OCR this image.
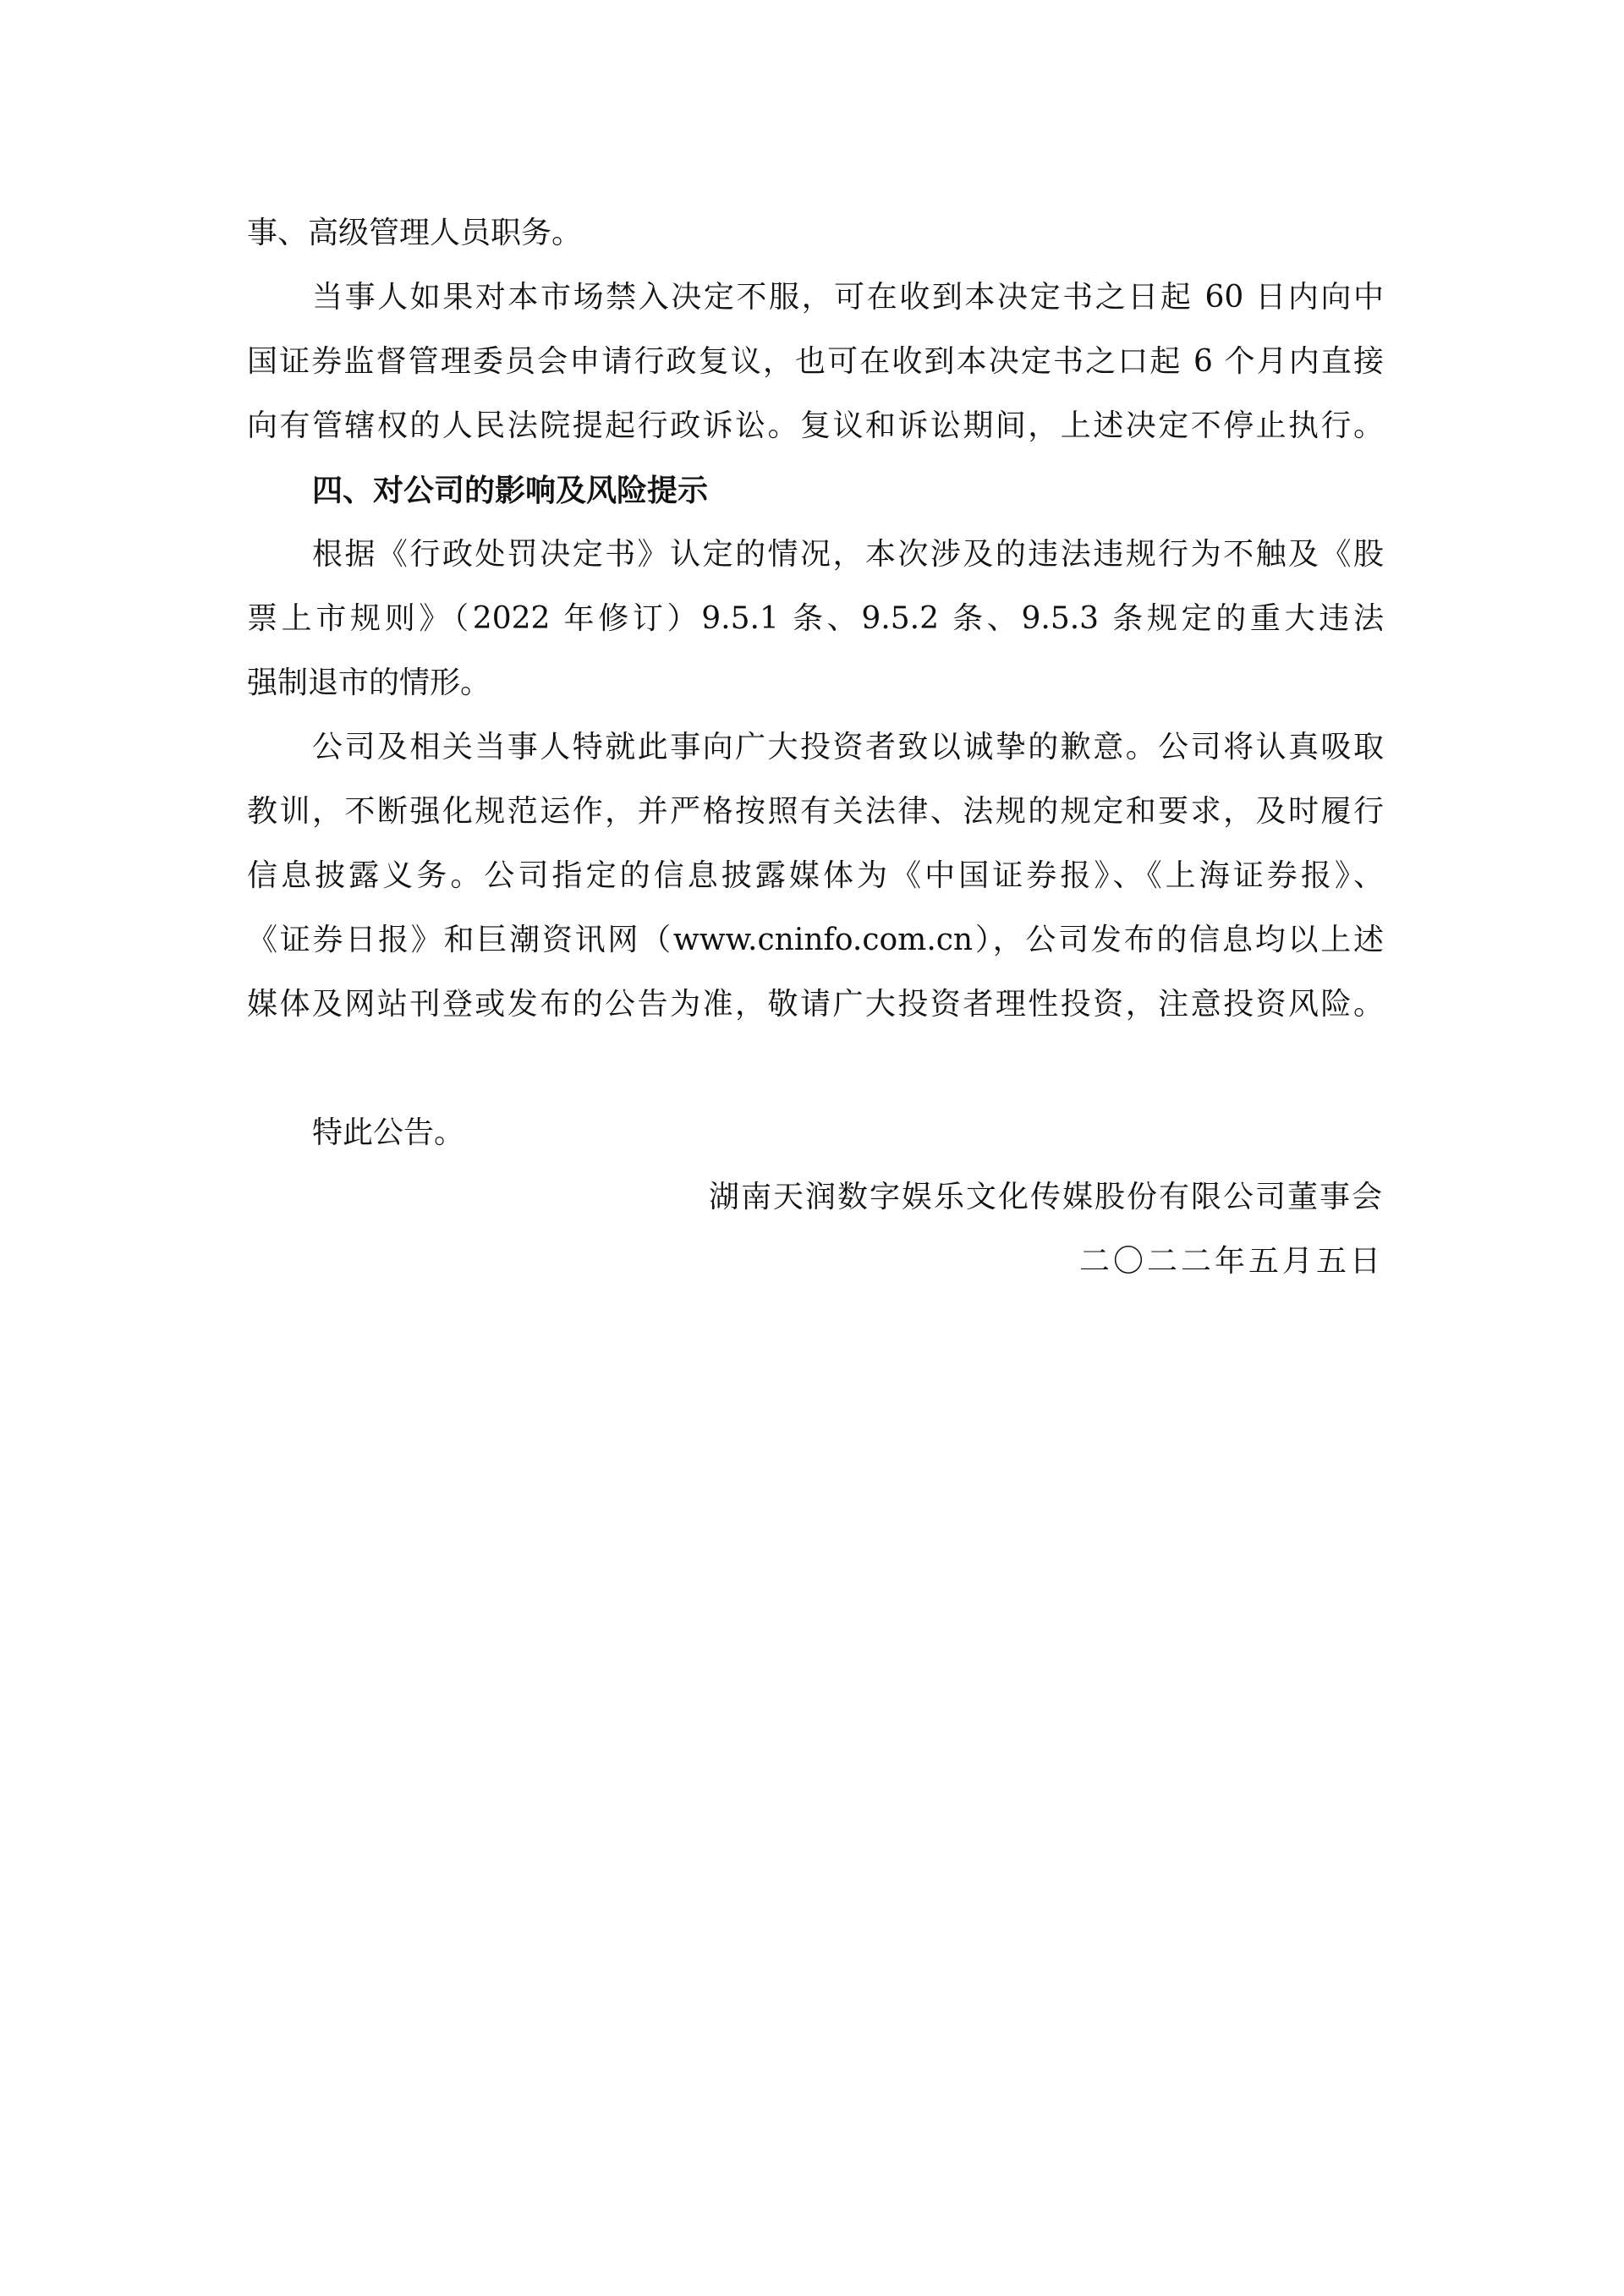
事、高级管理人员职务。
当事人如果对本市场禁入决定不服，可在收到本决定书之日起 60 日内向中
国证券监督管理委员会申请行政复议，也可在收到本决定书之口起 6 个月内直接
向有管辖权的人民法院提起行政诉讼。复议和诉讼期间，上述决定不停止执行。
四、对公司的影响及风险提示
根据《行政处罚决定书》认定的情况，本次涉及的违法违规行为不触及《股
票上市规则》（2022 年修订）9.5.1 条、9.5.2 条、9.5.3 条规定的重大违法
强制退市的情形。
公司及相关当事人特就此事向广大投资者致以诚挚的歉意。公司将认真吸取
教训，不断强化规范运作，并严格按照有关法律、法规的规定和要求，及时履行
信息披露义务。公司指定的信息披露媒体为《中国证券报》、《上海证券报》、
《证券日报》和巨潮资讯网（www.cninfo.com.cn），公司发布的信息均以上述
媒体及网站刊登或发布的公告为准，敬请广大投资者理性投资，注意投资风险。
特此公告。
湖南天润数字娱乐文化传媒股份有限公司董事会
二〇二二年五月五日
